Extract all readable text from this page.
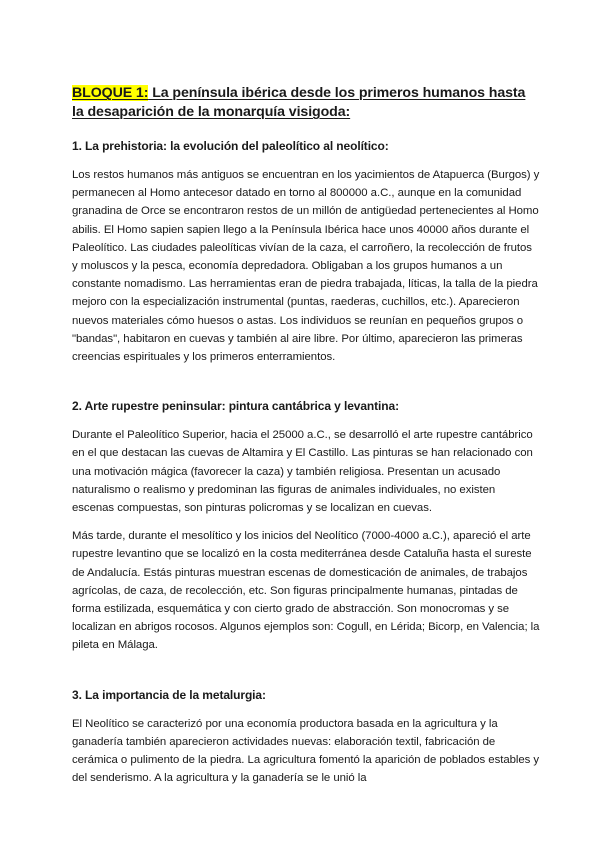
BLOQUE 1: La península ibérica desde los primeros humanos hasta la desaparición de la monarquía visigoda:
1. La prehistoria: la evolución del paleolítico al neolítico:

Los restos humanos más antiguos se encuentran en los yacimientos de Atapuerca (Burgos) y permanecen al Homo antecesor datado en torno al 800000 a.C., aunque en la comunidad granadina de Orce se encontraron restos de un millón de antigüedad pertenecientes al Homo abilis. El Homo sapien sapien llego a la Península Ibérica hace unos 40000 años durante el Paleolítico. Las ciudades paleolíticas vivían de la caza, el carroñero, la recolección de frutos y moluscos y la pesca, economía depredadora. Obligaban a los grupos humanos a un constante nomadismo. Las herramientas eran de piedra trabajada, líticas, la talla de la piedra mejoro con la especialización instrumental (puntas, raederas, cuchillos, etc.). Aparecieron nuevos materiales cómo huesos o astas. Los individuos se reunían en pequeños grupos o "bandas", habitaron en cuevas y también al aire libre. Por último, aparecieron las primeras creencias espirituales y los primeros enterramientos.

2. Arte rupestre peninsular: pintura cantábrica y levantina:

Durante el Paleolítico Superior, hacia el 25000 a.C., se desarrolló el arte rupestre cantábrico en el que destacan las cuevas de Altamira y El Castillo. Las pinturas se han relacionado con una motivación mágica (favorecer la caza) y también religiosa. Presentan un acusado naturalismo o realismo y predominan las figuras de animales individuales, no existen escenas compuestas, son pinturas policromas y se localizan en cuevas.

Más tarde, durante el mesolítico y los inicios del Neolítico (7000-4000 a.C.), apareció el arte rupestre levantino que se localizó en la costa mediterránea desde Cataluña hasta el sureste de Andalucía. Estás pinturas muestran escenas de domesticación de animales, de trabajos agrícolas, de caza, de recolección, etc. Son figuras principalmente humanas, pintadas de forma estilizada, esquemática y con cierto grado de abstracción. Son monocromas y se localizan en abrigos rocosos. Algunos ejemplos son: Cogull, en Lérida; Bicorp, en Valencia; la pileta en Málaga.

3. La importancia de la metalurgia:

El Neolítico se caracterizó por una economía productora basada en la agricultura y la ganadería también aparecieron actividades nuevas: elaboración textil, fabricación de cerámica o pulimento de la piedra. La agricultura fomentó la aparición de poblados estables y del senderismo. A la agricultura y la ganadería se le unió la
